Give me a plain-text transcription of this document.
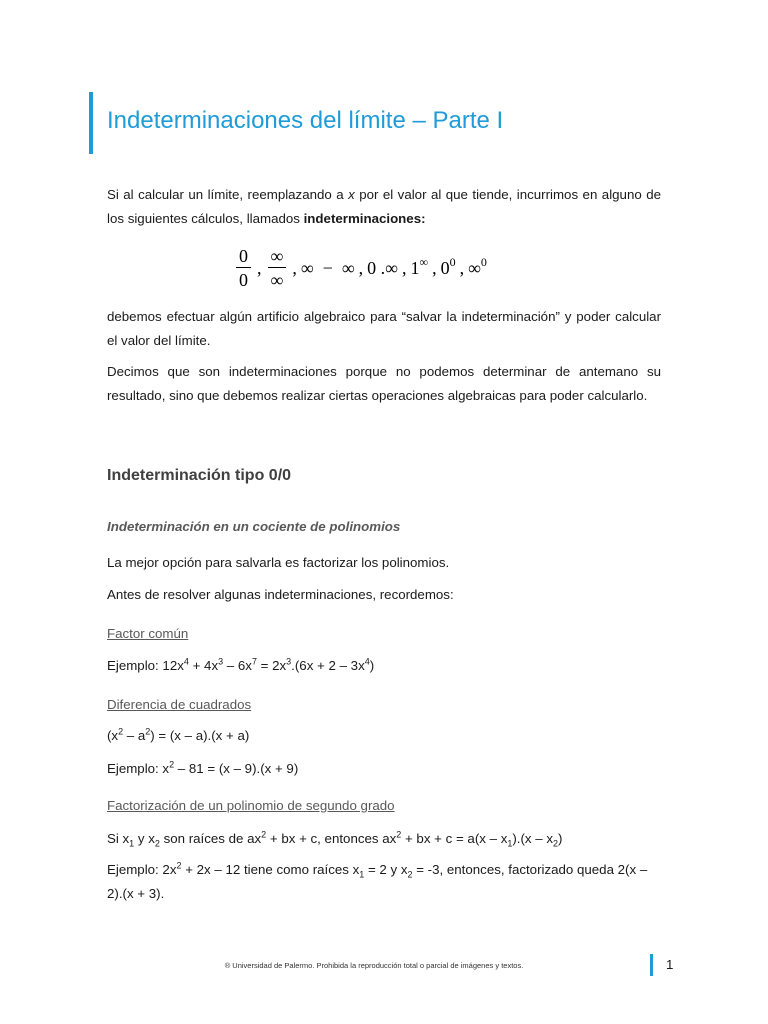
Indeterminaciones del límite – Parte I

Si al calcular un límite, reemplazando a x por el valor al que tiende, incurrimos en alguno de los siguientes cálculos, llamados indeterminaciones:

$\frac{0}{0}$ , $\frac{\infty}{\infty}$ , ∞  −  ∞ , 0 .∞ , 1∞ , $0^0$ , ∞$^0$

debemos efectuar algún artificio algebraico para “salvar la indeterminación” y poder calcular el valor del límite.

Decimos que son indeterminaciones porque no podemos determinar de antemano su resultado, sino que debemos realizar ciertas operaciones algebraicas para poder calcularlo.

Indeterminación tipo 0/0
Indeterminación en un cociente de polinomios

La mejor opción para salvarla es factorizar los polinomios.

Antes de resolver algunas indeterminaciones, recordemos:

Factor común

Ejemplo: $12x^4 + 4x^3 - 6x^7 = 2x^3.(6x + 2 - 3x^4)$

Diferencia de cuadrados

$(x^2 - a^2) = (x - a).(x + a)$

Ejemplo: $x^2 - 81 = (x - 9).(x + 9)$

Factorización de un polinomio de segundo grado

Si $x_1$ y $x_2$ son raíces de $ax^2$ + bx + c, entonces $ax^2$ + bx + $c = a(x - x_1).(x - x_2)$

Ejemplo: $2x^2 + 2x - 12$ tiene como raíces $x_1 = 2$ y $x_2 = -3$, entonces, factorizado queda 2(x – 2).(x + 3).

® Universidad de Palermo. Prohibida la reproducción total o parcial de imágenes y textos.	1
